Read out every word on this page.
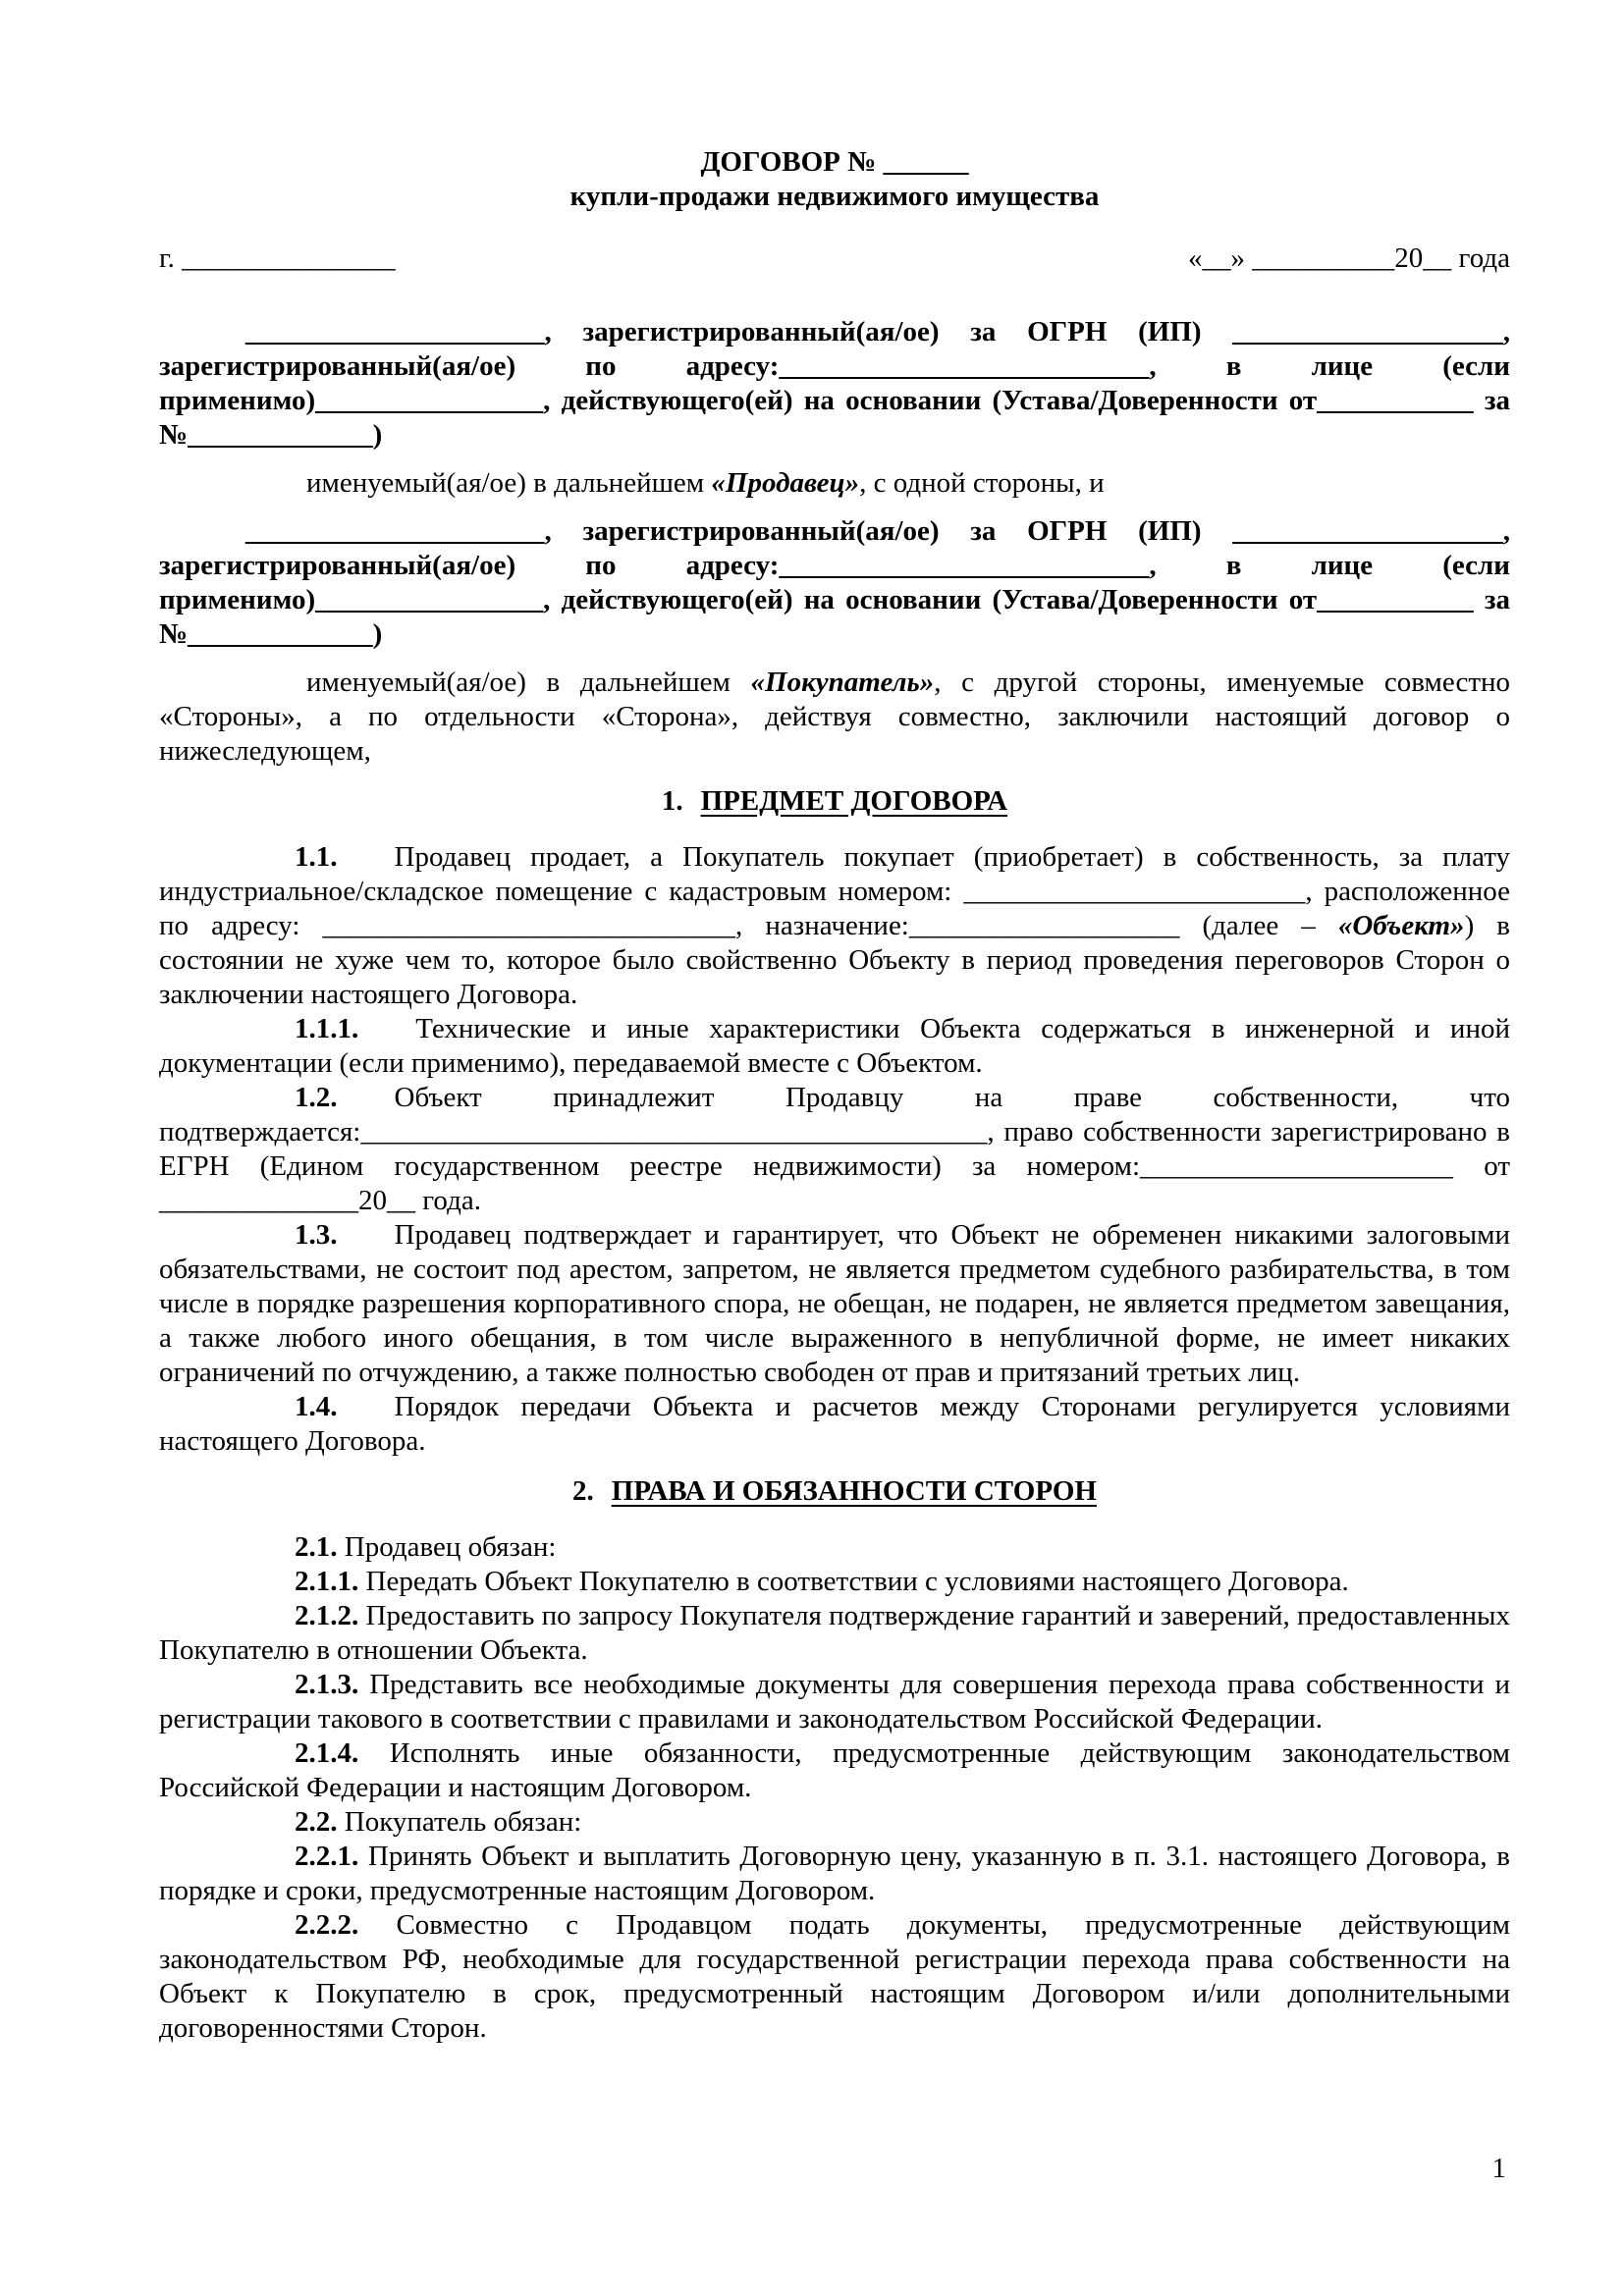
ДОГОВОР № ______

купли-продажи недвижимого имущества

г. _______________	«__» __________20__ года

_____________________, зарегистрированный(ая/ое) за ОГРН (ИП) ___________________, зарегистрированный(ая/ое) по адресу:__________________________, в лице (если применимо)________________, действующего(ей) на основании (Устава/Доверенности от___________ за №_____________)

именуемый(ая/ое) в дальнейшем «Продавец», с одной стороны, и

_____________________, зарегистрированный(ая/ое) за ОГРН (ИП) ___________________, зарегистрированный(ая/ое) по адресу:__________________________, в лице (если применимо)________________, действующего(ей) на основании (Устава/Доверенности от___________ за №_____________)

именуемый(ая/ое) в дальнейшем «Покупатель», с другой стороны, именуемые совместно «Стороны», а по отдельности «Сторона», действуя совместно, заключили настоящий договор о нижеследующем,

1. ПРЕДМЕТ ДОГОВОРА

1.1. Продавец продает, а Покупатель покупает (приобретает) в собственность, за плату индустриальное/складское помещение с кадастровым номером: ________________________, расположенное по адресу: _____________________________, назначение:___________________ (далее – «Объект») в состоянии не хуже чем то, которое было свойственно Объекту в период проведения переговоров Сторон о заключении настоящего Договора.

1.1.1. Технические и иные характеристики Объекта содержаться в инженерной и иной документации (если применимо), передаваемой вместе с Объектом.

1.2. Объект принадлежит Продавцу на праве собственности, что подтверждается:____________________________________________, право собственности зарегистрировано в ЕГРН (Едином государственном реестре недвижимости) за номером:______________________ от ______________20__ года.

1.3. Продавец подтверждает и гарантирует, что Объект не обременен никакими залоговыми обязательствами, не состоит под арестом, запретом, не является предметом судебного разбирательства, в том числе в порядке разрешения корпоративного спора, не обещан, не подарен, не является предметом завещания, а также любого иного обещания, в том числе выраженного в непубличной форме, не имеет никаких ограничений по отчуждению, а также полностью свободен от прав и притязаний третьих лиц.

1.4. Порядок передачи Объекта и расчетов между Сторонами регулируется условиями настоящего Договора.

2. ПРАВА И ОБЯЗАННОСТИ СТОРОН

2.1. Продавец обязан:

2.1.1. Передать Объект Покупателю в соответствии с условиями настоящего Договора.

2.1.2. Предоставить по запросу Покупателя подтверждение гарантий и заверений, предоставленных Покупателю в отношении Объекта.

2.1.3. Представить все необходимые документы для совершения перехода права собственности и регистрации такового в соответствии с правилами и законодательством Российской Федерации.

2.1.4. Исполнять иные обязанности, предусмотренные действующим законодательством Российской Федерации и настоящим Договором.

2.2. Покупатель обязан:

2.2.1. Принять Объект и выплатить Договорную цену, указанную в п. 3.1. настоящего Договора, в порядке и сроки, предусмотренные настоящим Договором.

2.2.2. Совместно с Продавцом подать документы, предусмотренные действующим законодательством РФ, необходимые для государственной регистрации перехода права собственности на Объект к Покупателю в срок, предусмотренный настоящим Договором и/или дополнительными договоренностями Сторон.

1
